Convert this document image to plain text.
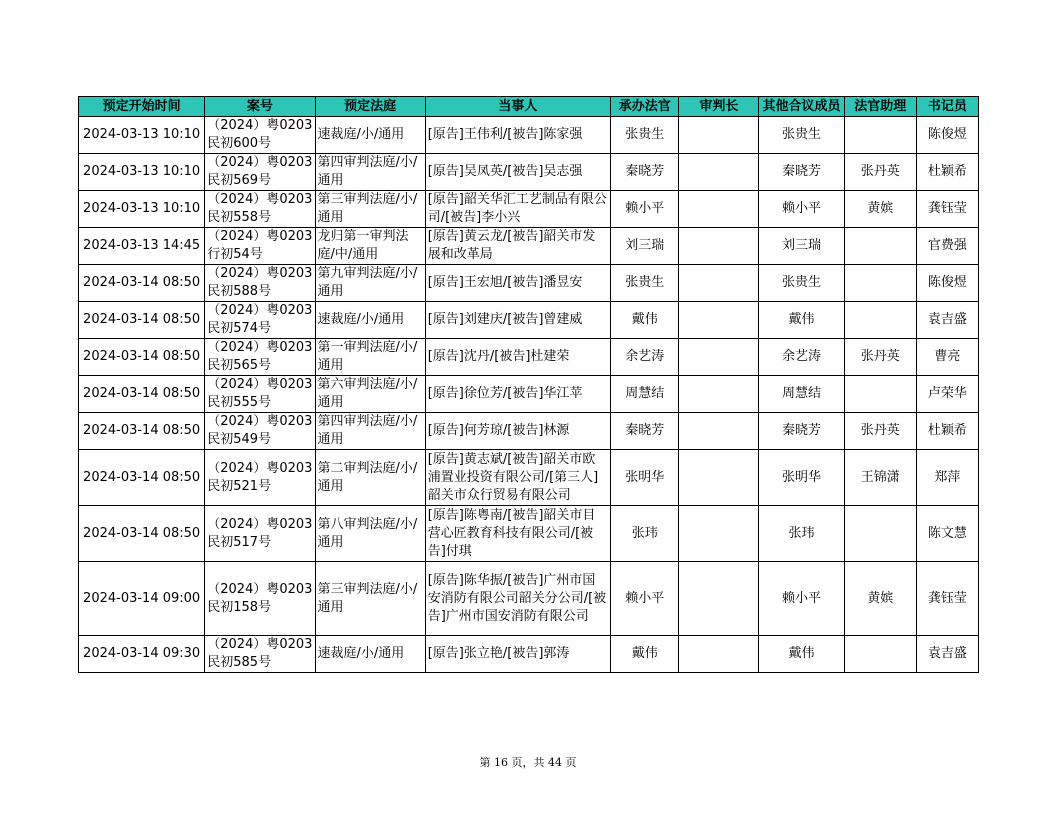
预定开始时间	案号	预定法庭	当事人	承办法官	审判长	其他合议成员	法官助理	书记员
2024-03-13 10:10	（2024）粤0203民初600号	速裁庭/小/通用	[原告]王伟利/[被告]陈家强	张贵生		张贵生		陈俊煜
2024-03-13 10:10	（2024）粤0203民初569号	第四审判法庭/小/通用	[原告]吴凤英/[被告]吴志强	秦晓芳		秦晓芳	张丹英	杜颖希
2024-03-13 10:10	（2024）粤0203民初558号	第三审判法庭/小/通用	[原告]韶关华汇工艺制品有限公司/[被告]李小兴	赖小平		赖小平	黄嫔	龚钰莹
2024-03-13 14:45	（2024）粤0203行初54号	龙归第一审判法庭/中/通用	[原告]黄云龙/[被告]韶关市发展和改革局	刘三瑞		刘三瑞		官费强
2024-03-14 08:50	（2024）粤0203民初588号	第九审判法庭/小/通用	[原告]王宏旭/[被告]潘昱安	张贵生		张贵生		陈俊煜
2024-03-14 08:50	（2024）粤0203民初574号	速裁庭/小/通用	[原告]刘建庆/[被告]曾建威	戴伟		戴伟		袁吉盛
2024-03-14 08:50	（2024）粤0203民初565号	第一审判法庭/小/通用	[原告]沈丹/[被告]杜建荣	余艺涛		余艺涛	张丹英	曹亮
2024-03-14 08:50	（2024）粤0203民初555号	第六审判法庭/小/通用	[原告]徐位芳/[被告]华江苹	周慧结		周慧结		卢荣华
2024-03-14 08:50	（2024）粤0203民初549号	第四审判法庭/小/通用	[原告]何芳琼/[被告]林源	秦晓芳		秦晓芳	张丹英	杜颖希
2024-03-14 08:50	（2024）粤0203民初521号	第二审判法庭/小/通用	[原告]黄志斌/[被告]韶关市欧浦置业投资有限公司/[第三人]韶关市众行贸易有限公司	张明华		张明华	王锦潇	郑萍
2024-03-14 08:50	（2024）粤0203民初517号	第八审判法庭/小/通用	[原告]陈粤南/[被告]韶关市目营心匠教育科技有限公司/[被告]付琪	张玮		张玮		陈文慧
2024-03-14 09:00	（2024）粤0203民初158号	第三审判法庭/小/通用	[原告]陈华振/[被告]广州市国安消防有限公司韶关分公司/[被告]广州市国安消防有限公司	赖小平		赖小平	黄嫔	龚钰莹
2024-03-14 09:30	（2024）粤0203民初585号	速裁庭/小/通用	[原告]张立艳/[被告]郭涛	戴伟		戴伟		袁吉盛
第 16 页，共 44 页
